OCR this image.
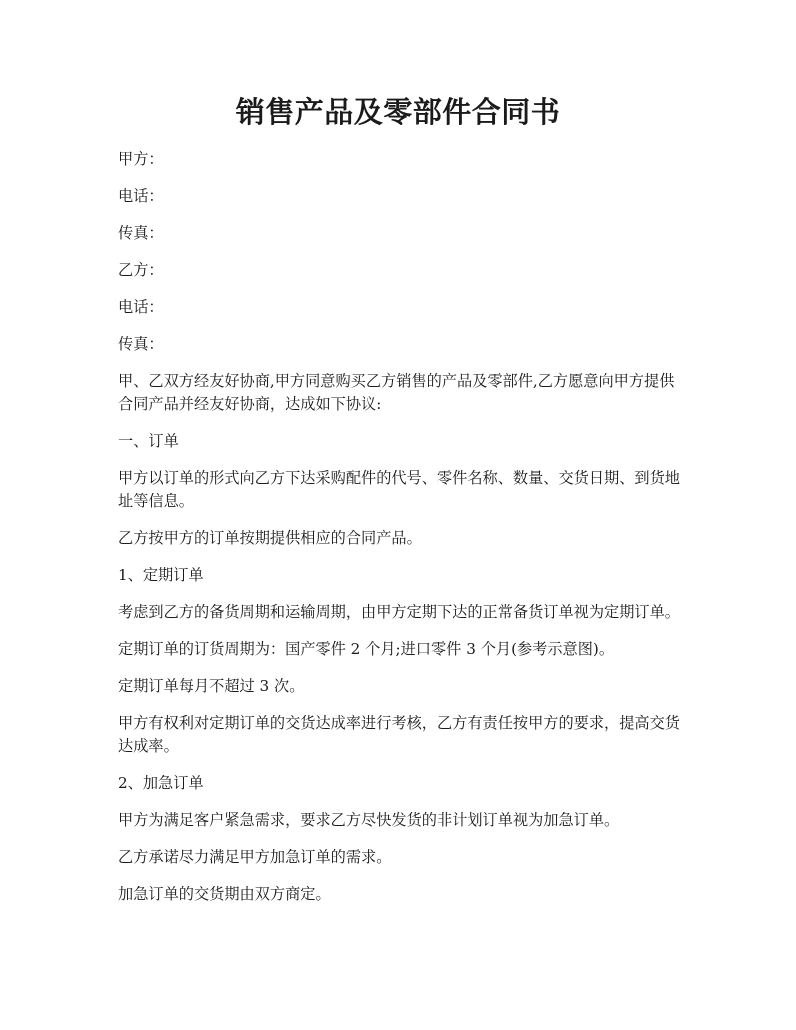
销售产品及零部件合同书

甲方：

电话：

传真：

乙方：

电话：

传真：

甲、乙双方经友好协商,甲方同意购买乙方销售的产品及零部件,乙方愿意向甲方提供合同产品并经友好协商，达成如下协议:

一、订单

甲方以订单的形式向乙方下达采购配件的代号、零件名称、数量、交货日期、到货地址等信息。

乙方按甲方的订单按期提供相应的合同产品。

1、定期订单

考虑到乙方的备货周期和运输周期，由甲方定期下达的正常备货订单视为定期订单。

定期订单的订货周期为：国产零件 2 个月;进口零件 3 个月(参考示意图)。

定期订单每月不超过 3 次。

甲方有权利对定期订单的交货达成率进行考核，乙方有责任按甲方的要求，提高交货达成率。

2、加急订单

甲方为满足客户紧急需求，要求乙方尽快发货的非计划订单视为加急订单。

乙方承诺尽力满足甲方加急订单的需求。

加急订单的交货期由双方商定。
